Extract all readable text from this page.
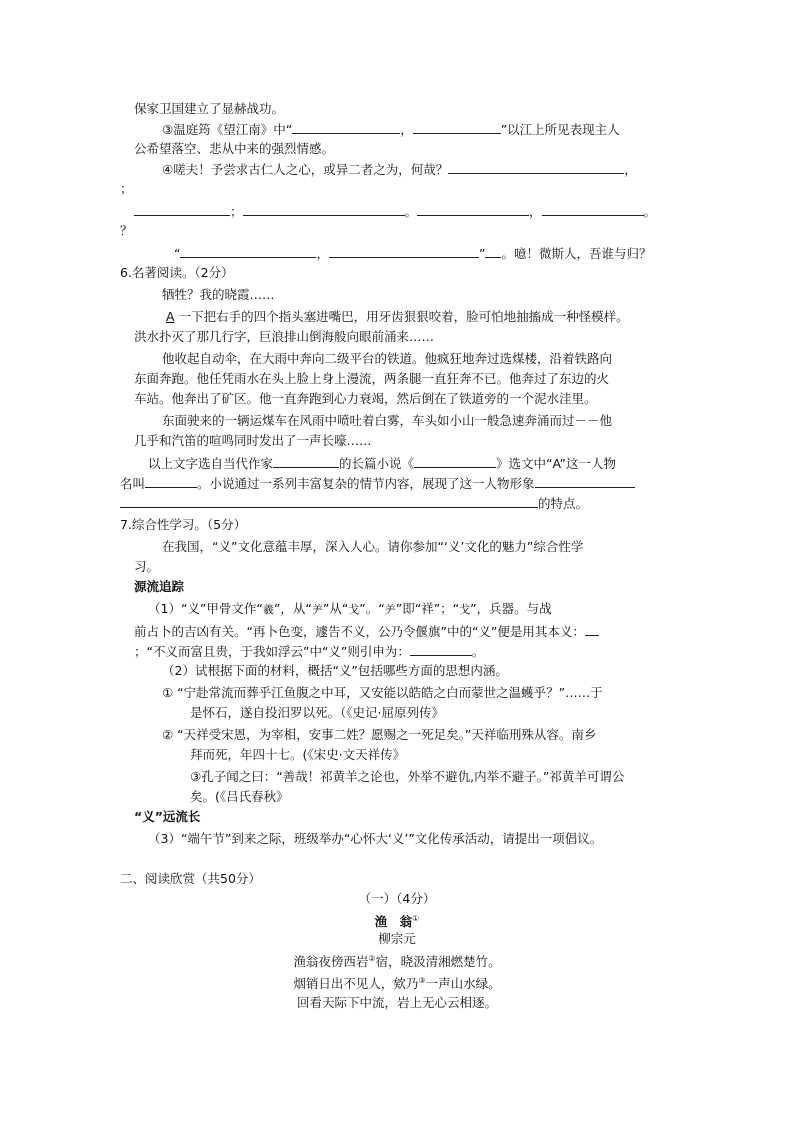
保家卫国建立了显赫战功。
③温庭筠《望江南》中“	，	”以江上所见表现主人
公希望落空、悲从中来的强烈情感。
④嗟夫！予尝求古仁人之心，或异二者之为，何哉？	，
；
；	。	，	。
？
“	，	” 。噫！微斯人，吾谁与归？
6.名著阅读。（2分）
牺牲？我的晓霞……
A 一下把右手的四个指头塞进嘴巴，用牙齿狠狠咬着，脸可怕地抽搐成一种怪模样。
洪水扑灭了那几行字，巨浪排山倒海般向眼前涌来……
他收起自动伞，在大雨中奔向二级平台的铁道。他疯狂地奔过选煤楼，沿着铁路向
东面奔跑。他任凭雨水在头上脸上身上漫流，两条腿一直狂奔不已。他奔过了东边的火
车站。他奔出了矿区。他一直奔跑到心力衰竭，然后倒在了铁道旁的一个泥水洼里。
东面驶来的一辆运煤车在风雨中喷吐着白雾，车头如小山一般急速奔涌而过－－他
几乎和汽笛的喧鸣同时发出了一声长嚎……
以上文字选自当代作家	的长篇小说《	》选文中“A”这一人物
名叫	。小说通过一系列丰富复杂的情节内容，展现了这一人物形象
的特点。
7.综合性学习。（5分）
在我国，“义”文化意蕴丰厚，深入人心。请你参加“‘义’文化的魅力”综合性学
习。
源流追踪
（1）“义”甲骨文作“羲”，从“⺶”从“戈”。“⺶”即“祥”；“戈”，兵器。与战
前占卜的吉凶有关。“再卜色变，遽告不义，公乃令偃旗”中的“义”便是用其本义：
；“不义而富且贵，于我如浮云”中“义”则引申为：	。
（2）试根据下面的材料，概括“义”包括哪些方面的思想内涵。
① “宁赴常流而葬乎江鱼腹之中耳，又安能以皓皓之白而蒙世之温蠖乎？”……于
是怀石，遂自投汨罗以死。（《史记·屈原列传》
② “天祥受宋恩，为宰相，安事二姓？愿赐之一死足矣。”天祥临刑殊从容。南乡
拜而死，年四十七。(《宋史·文天祥传》
③孔子闻之曰：“善哉！祁黄羊之论也，外举不避仇,内举不避子。”祁黄羊可谓公
矣。(《吕氏春秋》
“义”远流长
（3）“端午节”到来之际，班级举办“心怀大‘义’”文化传承活动，请提出一项倡议。
二、阅读欣赏（共50分）
（一）（4分）
渔　翁①
柳宗元
渔翁夜傍西岩②宿，晓汲清湘燃楚竹。
烟销日出不见人，欸乃③一声山水绿。
回看天际下中流，岩上无心云相逐。
